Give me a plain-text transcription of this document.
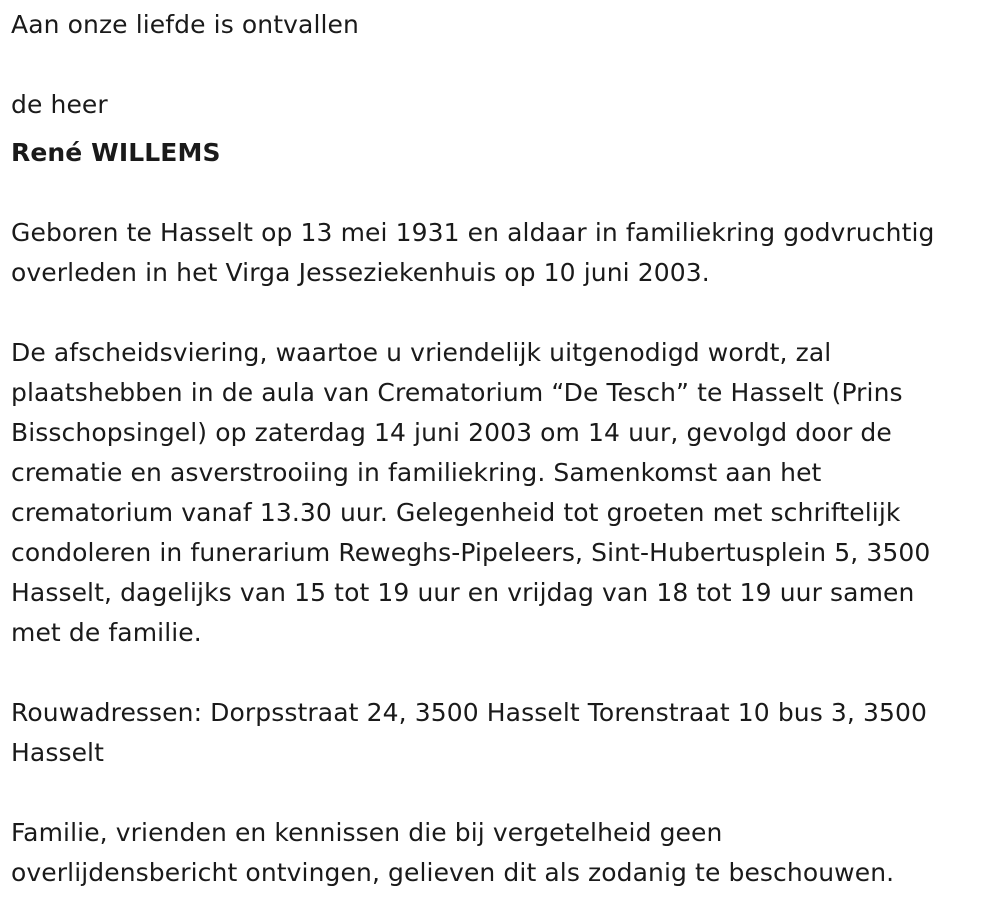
Aan onze liefde is ontvallen

de heer

René WILLEMS

Geboren te Hasselt op 13 mei 1931 en aldaar in familiekring godvruchtig

overleden in het Virga Jesseziekenhuis op 10 juni 2003.

De afscheidsviering, waartoe u vriendelijk uitgenodigd wordt, zal

plaatshebben in de aula van Crematorium “De Tesch” te Hasselt (Prins

Bisschopsingel) op zaterdag 14 juni 2003 om 14 uur, gevolgd door de

crematie en asverstrooiing in familiekring. Samenkomst aan het

crematorium vanaf 13.30 uur. Gelegenheid tot groeten met schriftelijk

condoleren in funerarium Reweghs-Pipeleers, Sint-Hubertusplein 5, 3500

Hasselt, dagelijks van 15 tot 19 uur en vrijdag van 18 tot 19 uur samen

met de familie.

Rouwadressen: Dorpsstraat 24, 3500 Hasselt Torenstraat 10 bus 3, 3500

Hasselt

Familie, vrienden en kennissen die bij vergetelheid geen

overlijdensbericht ontvingen, gelieven dit als zodanig te beschouwen.
